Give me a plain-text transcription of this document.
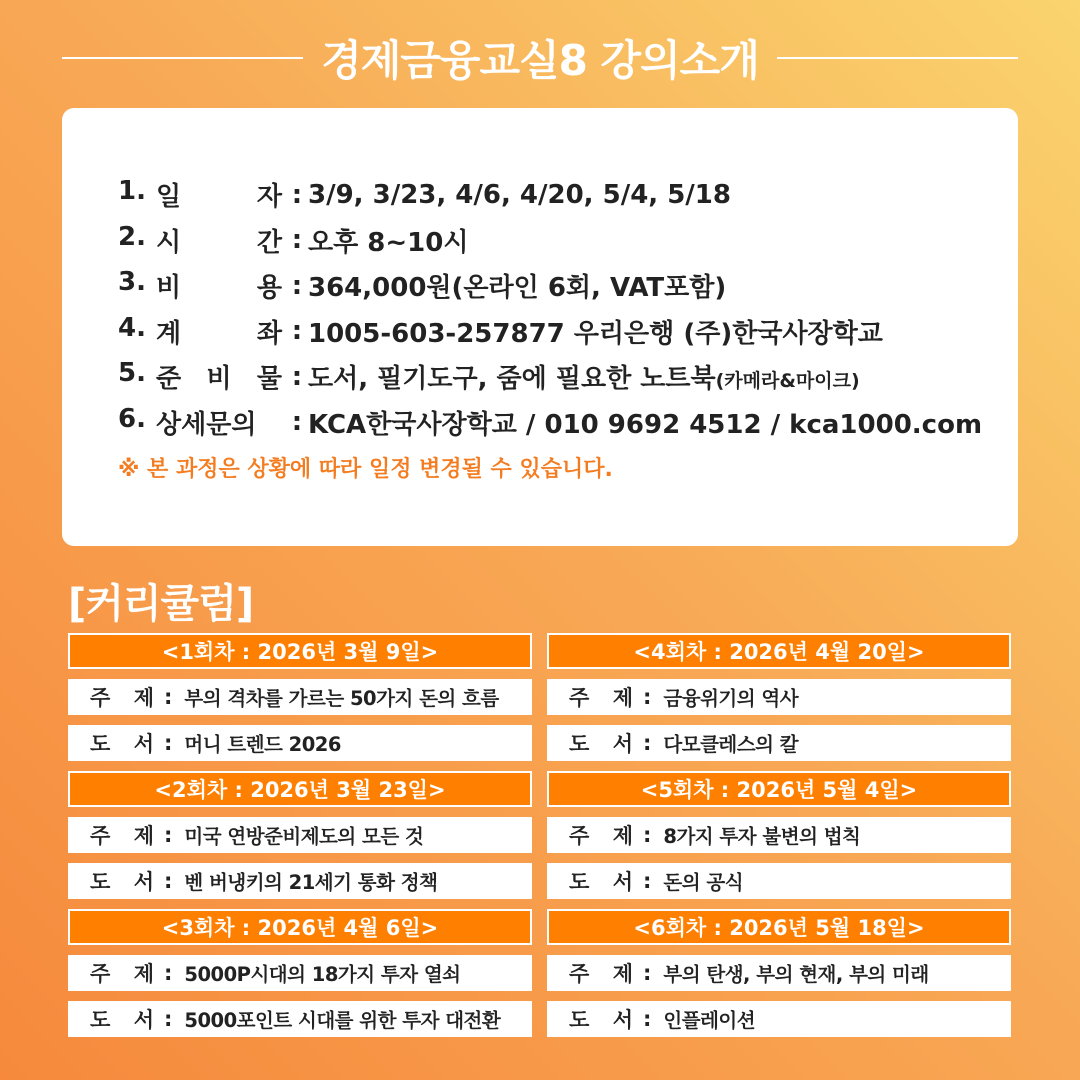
경제금융교실8 강의소개
1. 일	자 : 3/9, 3/23, 4/6, 4/20, 5/4, 5/18
2. 시	간 : 오후 8~10시
3. 비	용 : 364,000원(온라인 6회, VAT포함)
4. 계	좌 : 1005-603-257877 우리은행 (주)한국사장학교
5. 준 비 물 : 도서, 필기도구, 줌에 필요한 노트북(카메라&마이크)
6. 상세문의 : KCA한국사장학교 / 010 9692 4512 / kca1000.com
※ 본 과정은 상황에 따라 일정 변경될 수 있습니다.
[커리큘럼]
<1회차 : 2026년 3월 9일>
주 제 : 부의 격차를 가르는 50가지 돈의 흐름
도 서 : 머니 트렌드 2026
<2회차 : 2026년 3월 23일>
주 제 : 미국 연방준비제도의 모든 것
도 서 : 벤 버냉키의 21세기 통화 정책
<3회차 : 2026년 4월 6일>
주 제 : 5000P시대의 18가지 투자 열쇠
도 서 : 5000포인트 시대를 위한 투자 대전환
<4회차 : 2026년 4월 20일>
주 제 : 금융위기의 역사
도 서 : 다모클레스의 칼
<5회차 : 2026년 5월 4일>
주 제 : 8가지 투자 불변의 법칙
도 서 : 돈의 공식
<6회차 : 2026년 5월 18일>
주 제 : 부의 탄생, 부의 현재, 부의 미래
도 서 : 인플레이션
